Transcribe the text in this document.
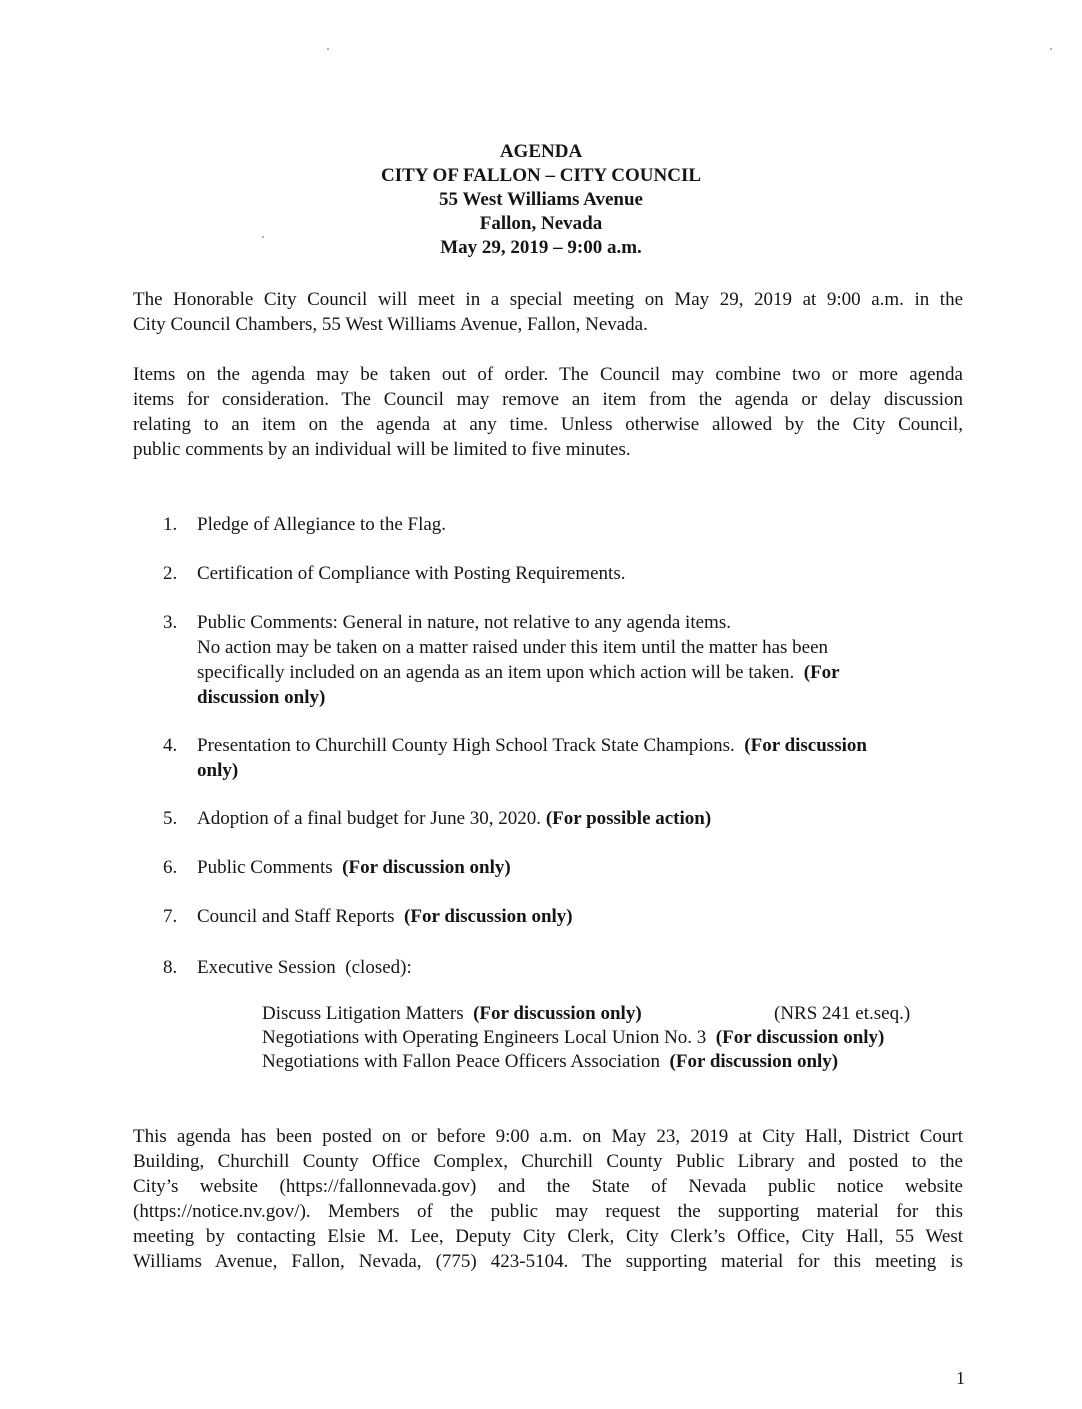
AGENDA
CITY OF FALLON – CITY COUNCIL
55 West Williams Avenue
Fallon, Nevada
May 29, 2019 – 9:00 a.m.
The Honorable City Council will meet in a special meeting on May 29, 2019 at 9:00 a.m. in the
City Council Chambers, 55 West Williams Avenue, Fallon, Nevada.
Items on the agenda may be taken out of order. The Council may combine two or more agenda
items for consideration. The Council may remove an item from the agenda or delay discussion
relating to an item on the agenda at any time. Unless otherwise allowed by the City Council,
public comments by an individual will be limited to five minutes.
1.	Pledge of Allegiance to the Flag.
2.	Certification of Compliance with Posting Requirements.
3.	Public Comments: General in nature, not relative to any agenda items.
No action may be taken on a matter raised under this item until the matter has been
specifically included on an agenda as an item upon which action will be taken. (For
discussion only)
4.	Presentation to Churchill County High School Track State Champions. (For discussion
only)
5.	Adoption of a final budget for June 30, 2020. (For possible action)
6.	Public Comments (For discussion only)
7.	Council and Staff Reports (For discussion only)
8.	Executive Session  (closed):
Discuss Litigation Matters (For discussion only)	(NRS 241 et.seq.)
Negotiations with Operating Engineers Local Union No. 3 (For discussion only)
Negotiations with Fallon Peace Officers Association (For discussion only)
This agenda has been posted on or before 9:00 a.m. on May 23, 2019 at City Hall, District Court
Building, Churchill County Office Complex, Churchill County Public Library and posted to the
City’s website (https://fallonnevada.gov) and the State of Nevada public notice website
(https://notice.nv.gov/). Members of the public may request the supporting material for this
meeting by contacting Elsie M. Lee, Deputy City Clerk, City Clerk’s Office, City Hall, 55 West
Williams Avenue, Fallon, Nevada, (775) 423-5104. The supporting material for this meeting is
1
